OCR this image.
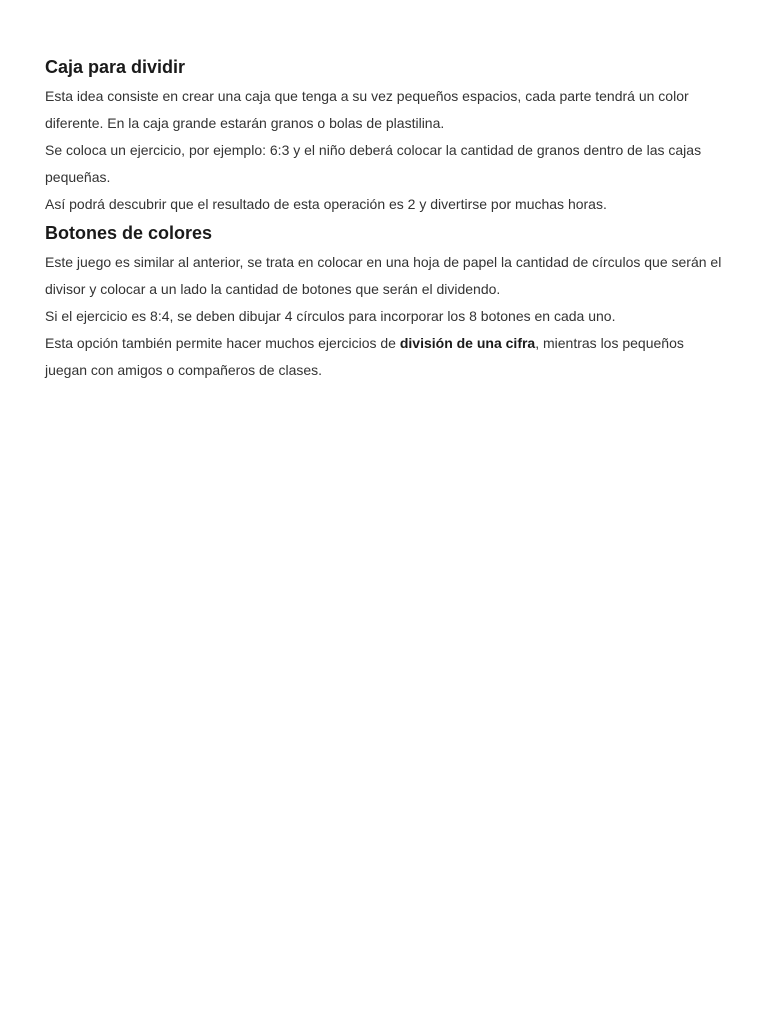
Caja para dividir

Esta idea consiste en crear una caja que tenga a su vez pequeños espacios, cada parte tendrá un color diferente. En la caja grande estarán granos o bolas de plastilina.

Se coloca un ejercicio, por ejemplo: 6:3 y el niño deberá colocar la cantidad de granos dentro de las cajas pequeñas.

Así podrá descubrir que el resultado de esta operación es 2 y divertirse por muchas horas.

Botones de colores

Este juego es similar al anterior, se trata en colocar en una hoja de papel la cantidad de círculos que serán el divisor y colocar a un lado la cantidad de botones que serán el dividendo.

Si el ejercicio es 8:4, se deben dibujar 4 círculos para incorporar los 8 botones en cada uno.

Esta opción también permite hacer muchos ejercicios de división de una cifra, mientras los pequeños juegan con amigos o compañeros de clases.
